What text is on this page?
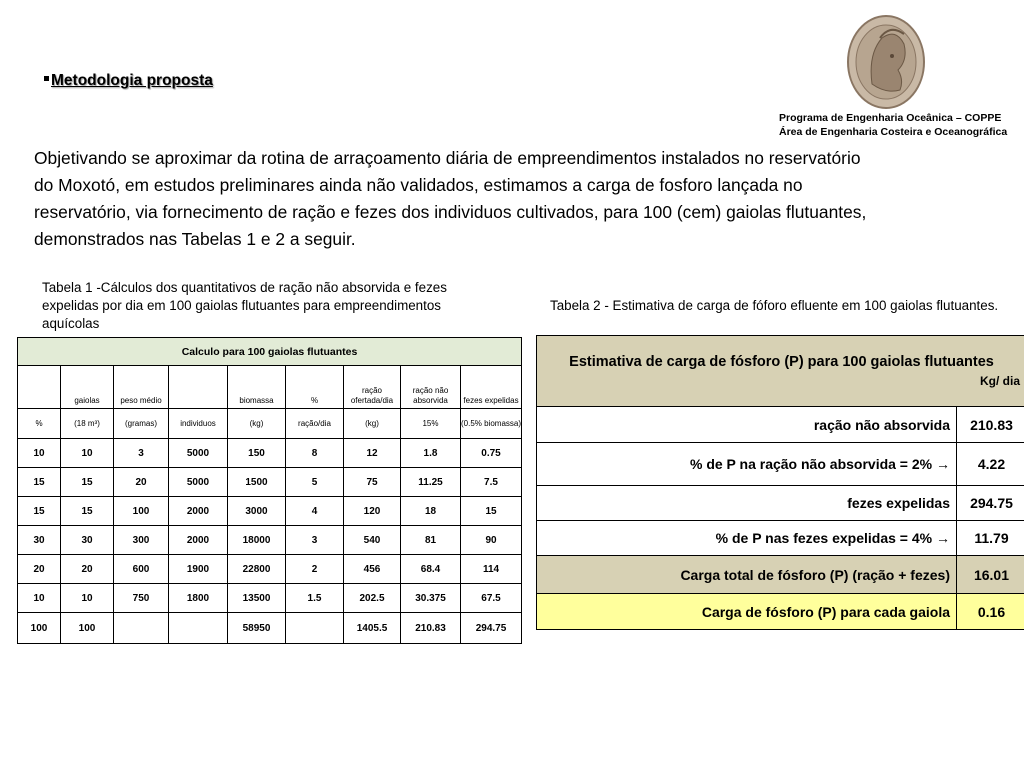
Metodologia proposta
Programa de Engenharia Oceânica – COPPE
Área de Engenharia Costeira e Oceanográfica
Objetivando se aproximar da rotina de arraçoamento diária de empreendimentos instalados no reservatório do Moxotó, em estudos preliminares ainda não validados, estimamos a carga de fosforo lançada no reservatório, via fornecimento de ração e fezes dos individuos cultivados, para 100 (cem) gaiolas flutuantes, demonstrados nas Tabelas 1 e 2 a seguir.
Tabela 1 -Cálculos dos quantitativos de ração não absorvida e fezes expelidas por dia em 100 gaiolas flutuantes para empreendimentos aquícolas
Tabela 2 - Estimativa de carga de fóforo efluente em 100 gaiolas flutuantes.
Calculo para 100 gaiolas flutuantes								
	gaiolas	peso médio		biomassa	%	ração ofertada/dia	ração não absorvida	fezes expelidas
%	(18 m³)	(gramas)	individuos	(kg)	ração/dia	(kg)	15%	(0.5% biomassa)
10	10	3	5000	150	8	12	1.8	0.75
15	15	20	5000	1500	5	75	11.25	7.5
15	15	100	2000	3000	4	120	18	15
30	30	300	2000	18000	3	540	81	90
20	20	600	1900	22800	2	456	68.4	114
10	10	750	1800	13500	1.5	202.5	30.375	67.5
100	100			58950		1405.5	210.83	294.75
Estimativa de carga de fósforo (P) para 100 gaiolas flutuantes
Kg/ dia	

ração não absorvida	210.83
% de P na ração não absorvida = 2% →	4.22
fezes expelidas	294.75
% de P nas fezes expelidas = 4% →	11.79
Carga total de fósforo (P) (ração + fezes)	16.01
Carga de fósforo (P) para cada gaiola	0.16
